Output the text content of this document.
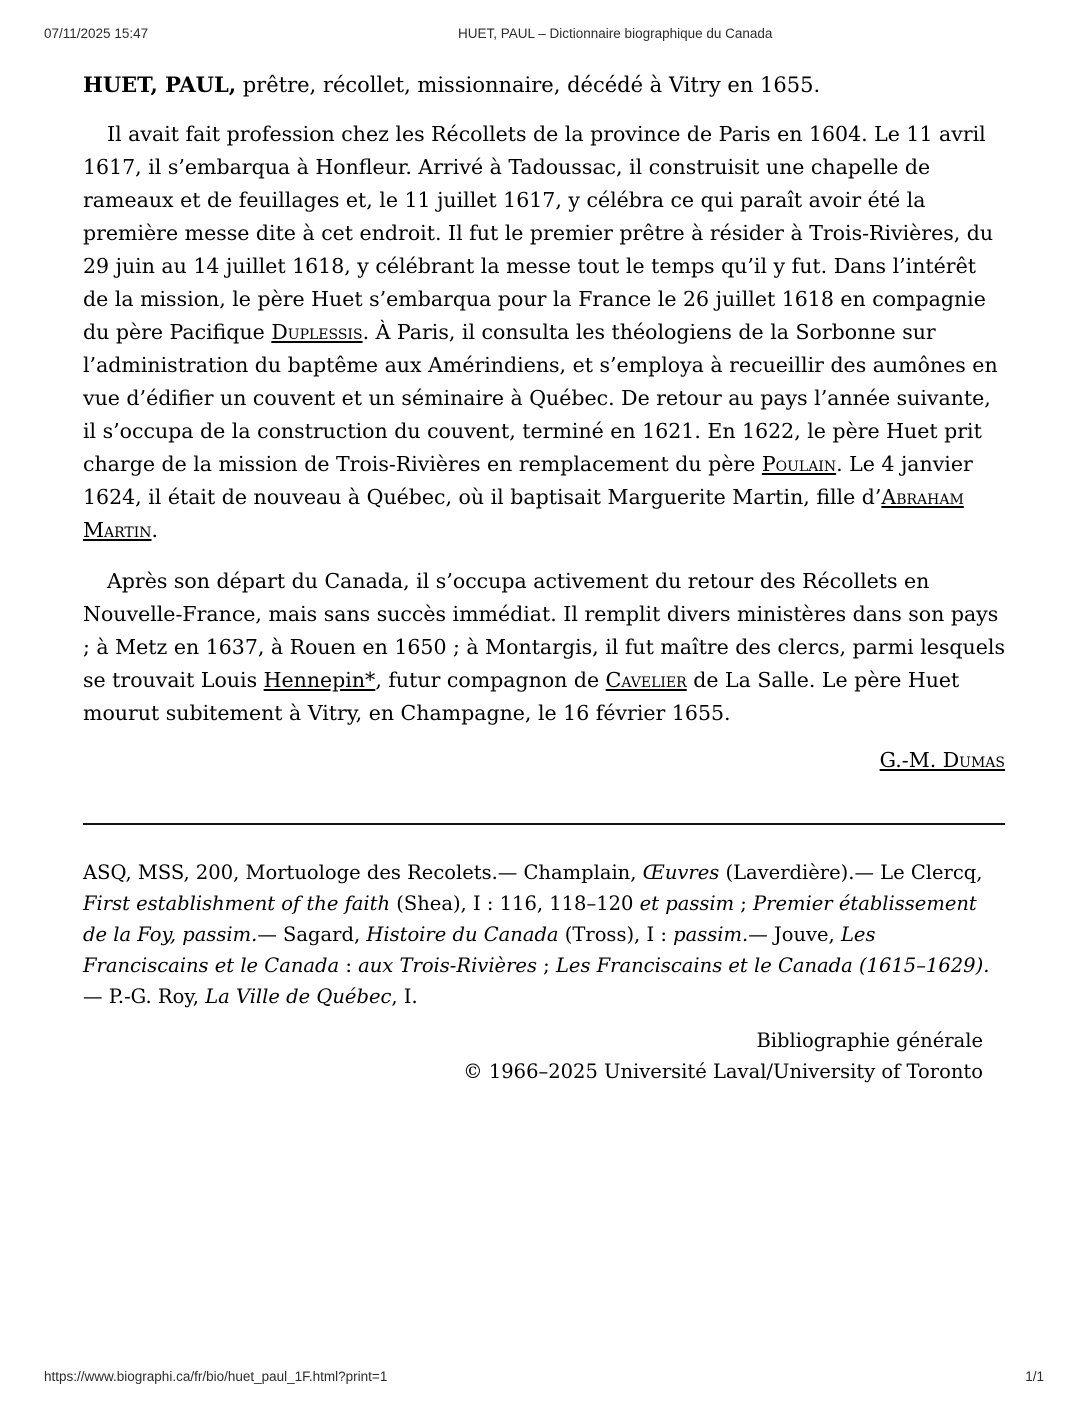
07/11/2025 15:47	HUET, PAUL – Dictionnaire biographique du Canada
HUET, PAUL, prêtre, récollet, missionnaire, décédé à Vitry en 1655.

Il avait fait profession chez les Récollets de la province de Paris en 1604. Le 11 avril 1617, il s’embarqua à Honfleur. Arrivé à Tadoussac, il construisit une chapelle de rameaux et de feuillages et, le 11 juillet 1617, y célébra ce qui paraît avoir été la première messe dite à cet endroit. Il fut le premier prêtre à résider à Trois-Rivières, du 29 juin au 14 juillet 1618, y célébrant la messe tout le temps qu’il y fut. Dans l’intérêt de la mission, le père Huet s’embarqua pour la France le 26 juillet 1618 en compagnie du père Pacifique Duplessis. À Paris, il consulta les théologiens de la Sorbonne sur l’administration du baptême aux Amérindiens, et s’employa à recueillir des aumônes en vue d’édifier un couvent et un séminaire à Québec. De retour au pays l’année suivante, il s’occupa de la construction du couvent, terminé en 1621. En 1622, le père Huet prit charge de la mission de Trois-Rivières en remplacement du père Poulain. Le 4 janvier 1624, il était de nouveau à Québec, où il baptisait Marguerite Martin, fille d’Abraham Martin.

Après son départ du Canada, il s’occupa activement du retour des Récollets en Nouvelle-France, mais sans succès immédiat. Il remplit divers ministères dans son pays ; à Metz en 1637, à Rouen en 1650 ; à Montargis, il fut maître des clercs, parmi lesquels se trouvait Louis Hennepin*, futur compagnon de Cavelier de La Salle. Le père Huet mourut subitement à Vitry, en Champagne, le 16 février 1655.

G.-M. Dumas

ASQ, MSS, 200, Mortuologe des Recolets.— Champlain, Œuvres (Laverdière).— Le Clercq, First establishment of the faith (Shea), I : 116, 118–120 et passim ; Premier établissement de la Foy, passim.— Sagard, Histoire du Canada (Tross), I : passim.— Jouve, Les Franciscains et le Canada : aux Trois-Rivières ; Les Franciscains et le Canada (1615–1629).— P.-G. Roy, La Ville de Québec, I.

Bibliographie générale
© 1966–2025 Université Laval/University of Toronto
https://www.biographi.ca/fr/bio/huet_paul_1F.html?print=1	1/1
